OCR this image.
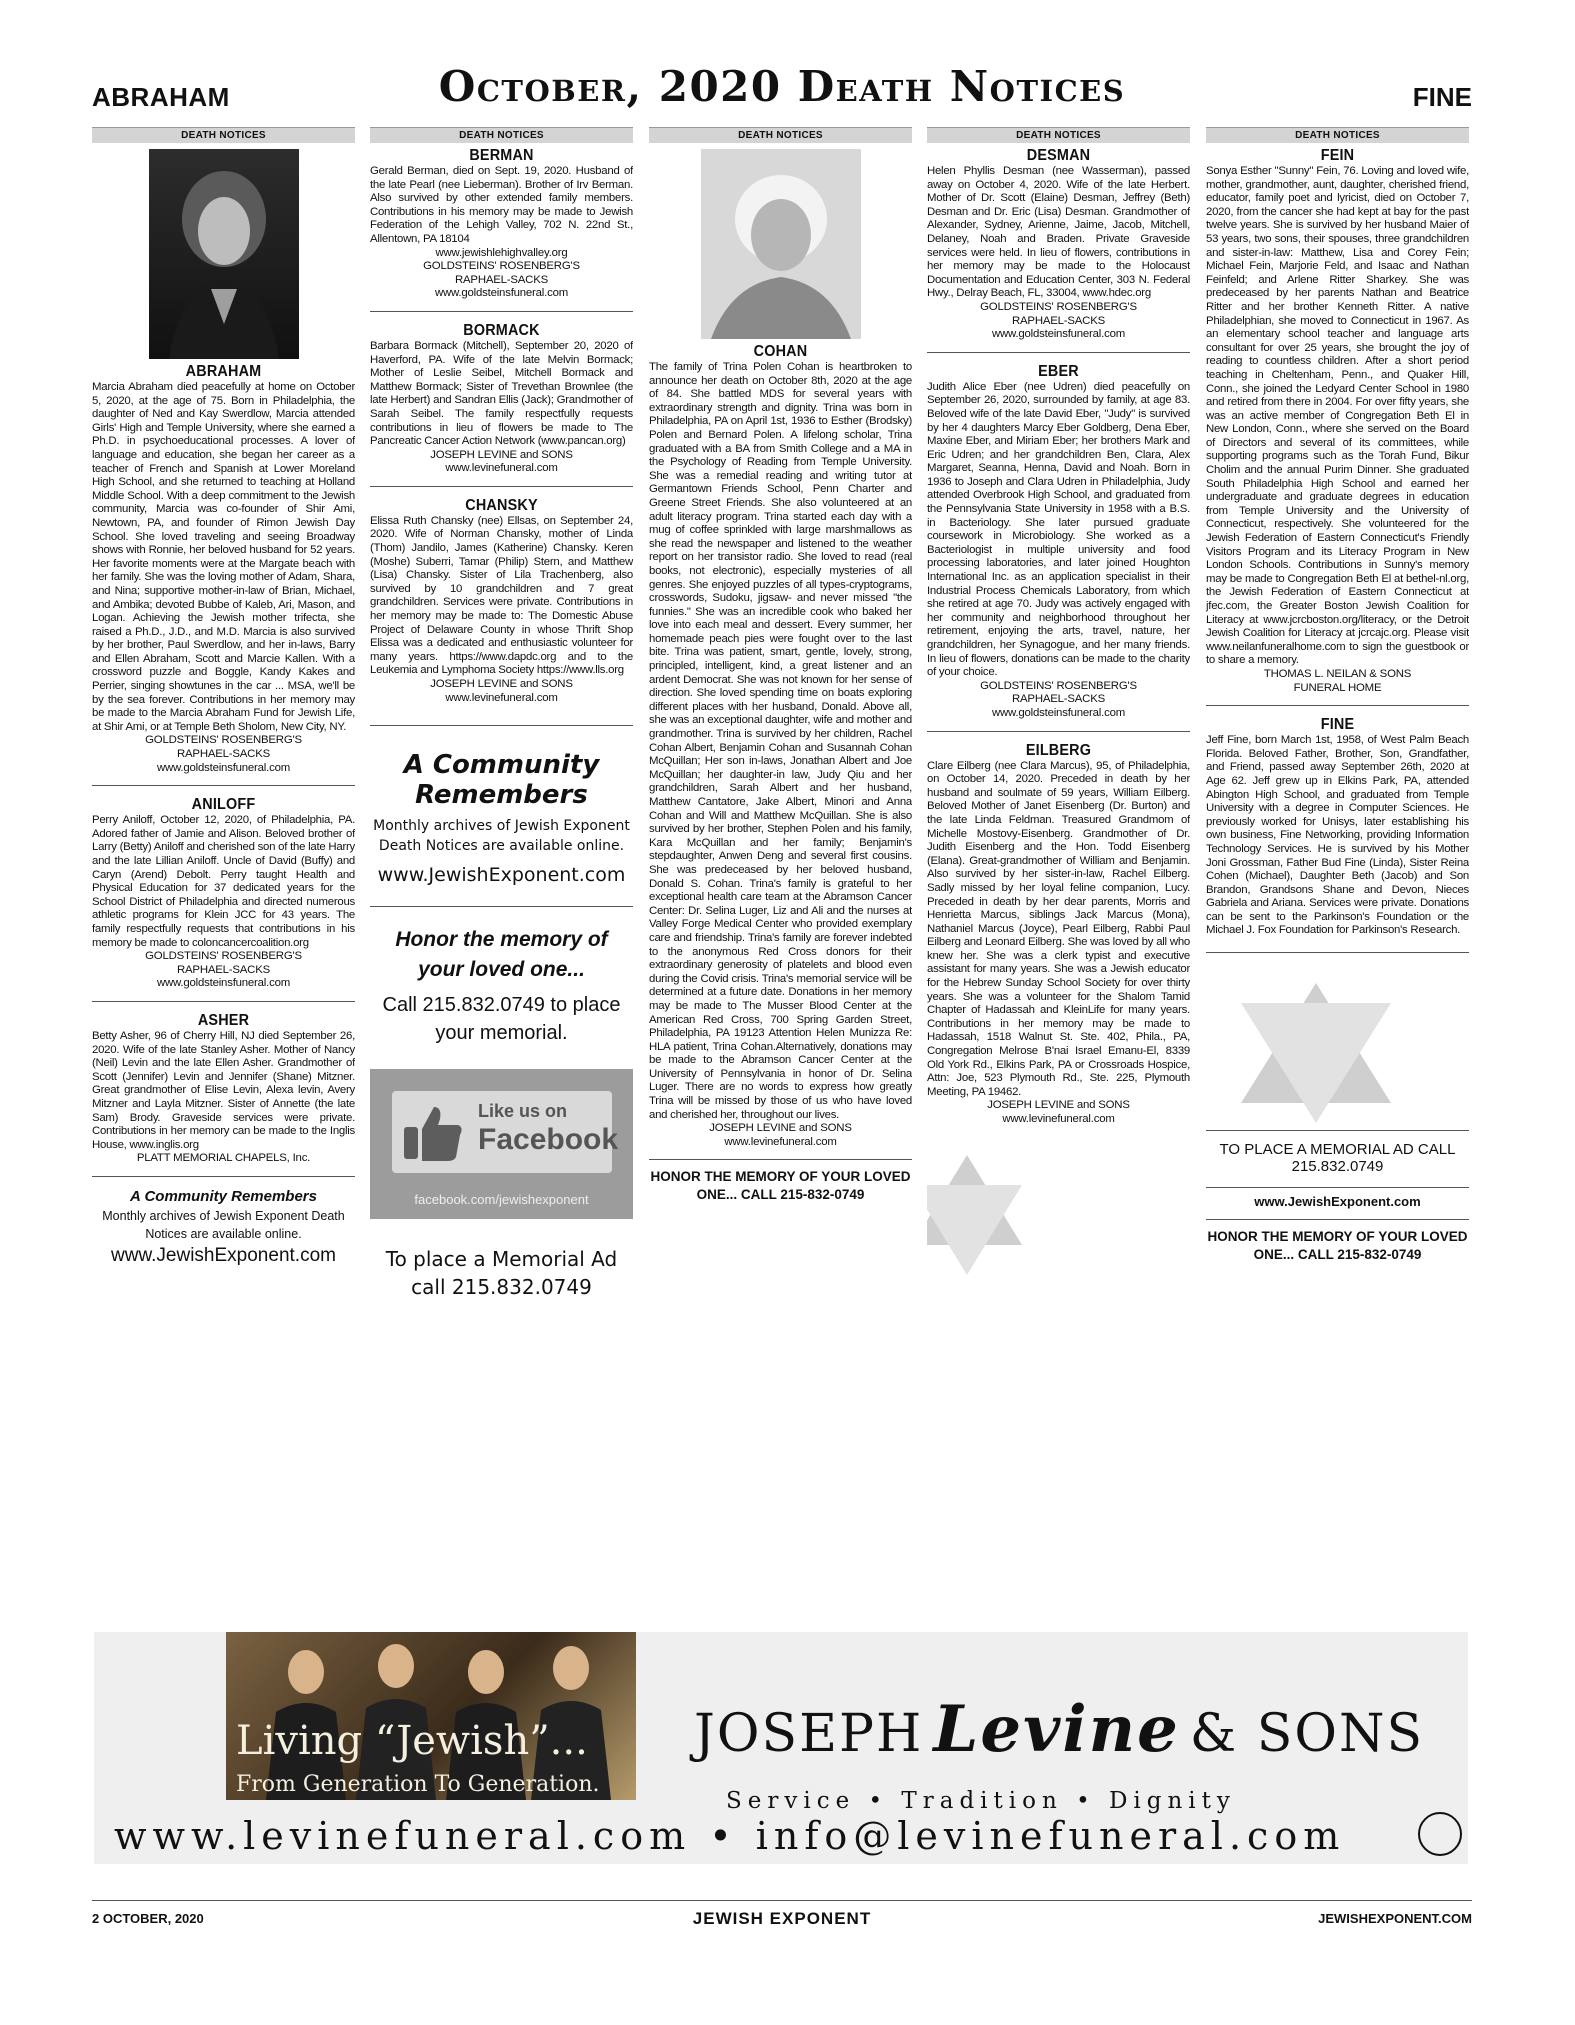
ABRAHAM	October, 2020 Death Notices	FINE
DEATH NOTICES
ABRAHAM
Marcia Abraham died peacefully at home on October 5, 2020, at the age of 75. Born in Philadelphia, the daughter of Ned and Kay Swerdlow, Marcia attended Girls' High and Temple University, where she earned a Ph.D. in psychoeducational processes. A lover of language and education, she began her career as a teacher of French and Spanish at Lower Moreland High School, and she returned to teaching at Holland Middle School. With a deep commitment to the Jewish community, Marcia was co-founder of Shir Ami, Newtown, PA, and founder of Rimon Jewish Day School. She loved traveling and seeing Broadway shows with Ronnie, her beloved husband for 52 years. Her favorite moments were at the Margate beach with her family. She was the loving mother of Adam, Shara, and Nina; supportive mother-in-law of Brian, Michael, and Ambika; devoted Bubbe of Kaleb, Ari, Mason, and Logan. Achieving the Jewish mother trifecta, she raised a Ph.D., J.D., and M.D. Marcia is also survived by her brother, Paul Swerdlow, and her in-laws, Barry and Ellen Abraham, Scott and Marcie Kallen. With a crossword puzzle and Boggle, Kandy Kakes and Perrier, singing showtunes in the car ... MSA, we'll be by the sea forever. Contributions in her memory may be made to the Marcia Abraham Fund for Jewish Life, at Shir Ami, or at Temple Beth Sholom, New City, NY.
GOLDSTEINS' ROSENBERG'S
RAPHAEL-SACKS
www.goldsteinsfuneral.com
ANILOFF
Perry Aniloff, October 12, 2020, of Philadelphia, PA. Adored father of Jamie and Alison. Beloved brother of Larry (Betty) Aniloff and cherished son of the late Harry and the late Lillian Aniloff. Uncle of David (Buffy) and Caryn (Arend) Debolt. Perry taught Health and Physical Education for 37 dedicated years for the School District of Philadelphia and directed numerous athletic programs for Klein JCC for 43 years. The family respectfully requests that contributions in his memory be made to coloncancercoalition.org
GOLDSTEINS' ROSENBERG'S
RAPHAEL-SACKS
www.goldsteinsfuneral.com
ASHER
Betty Asher, 96 of Cherry Hill, NJ died September 26, 2020. Wife of the late Stanley Asher. Mother of Nancy (Neil) Levin and the late Ellen Asher. Grandmother of Scott (Jennifer) Levin and Jennifer (Shane) Mitzner. Great grandmother of Elise Levin, Alexa levin, Avery Mitzner and Layla Mitzner. Sister of Annette (the late Sam) Brody. Graveside services were private. Contributions in her memory can be made to the Inglis House, www.inglis.org
PLATT MEMORIAL CHAPELS, Inc.
A Community Remembers
Monthly archives of Jewish Exponent Death Notices are available online.
www.JewishExponent.com
DEATH NOTICES
BERMAN
Gerald Berman, died on Sept. 19, 2020. Husband of the late Pearl (nee Lieberman). Brother of Irv Berman. Also survived by other extended family members. Contributions in his memory may be made to Jewish Federation of the Lehigh Valley, 702 N. 22nd St., Allentown, PA 18104
www.jewishlehighvalley.org
GOLDSTEINS' ROSENBERG'S
RAPHAEL-SACKS
www.goldsteinsfuneral.com
BORMACK
Barbara Bormack (Mitchell), September 20, 2020 of Haverford, PA. Wife of the late Melvin Bormack; Mother of Leslie Seibel, Mitchell Bormack and Matthew Bormack; Sister of Trevethan Brownlee (the late Herbert) and Sandran Ellis (Jack); Grandmother of Sarah Seibel. The family respectfully requests contributions in lieu of flowers be made to The Pancreatic Cancer Action Network (www.pancan.org)
JOSEPH LEVINE and SONS
www.levinefuneral.com
CHANSKY
Elissa Ruth Chansky (nee) Ellsas, on September 24, 2020. Wife of Norman Chansky, mother of Linda (Thom) Jandilo, James (Katherine) Chansky. Keren (Moshe) Suberri, Tamar (Philip) Stern, and Matthew (Lisa) Chansky. Sister of Lila Trachenberg, also survived by 10 grandchildren and 7 great grandchildren. Services were private. Contributions in her memory may be made to: The Domestic Abuse Project of Delaware County in whose Thrift Shop Elissa was a dedicated and enthusiastic volunteer for many years. https://www.dapdc.org and to the Leukemia and Lymphoma Society https://www.lls.org
JOSEPH LEVINE and SONS
www.levinefuneral.com
A Community Remembers
Monthly archives of Jewish Exponent Death Notices are available online.
www.JewishExponent.com
Honor the memory of your loved one...
Call 215.832.0749 to place your memorial.
Like us on
Facebook
facebook.com/jewishexponent
To place a Memorial Ad call 215.832.0749
DEATH NOTICES
COHAN
The family of Trina Polen Cohan is heartbroken to announce her death on October 8th, 2020 at the age of 84. She battled MDS for several years with extraordinary strength and dignity. Trina was born in Philadelphia, PA on April 1st, 1936 to Esther (Brodsky) Polen and Bernard Polen. A lifelong scholar, Trina graduated with a BA from Smith College and a MA in the Psychology of Reading from Temple University. She was a remedial reading and writing tutor at Germantown Friends School, Penn Charter and Greene Street Friends. She also volunteered at an adult literacy program. Trina started each day with a mug of coffee sprinkled with large marshmallows as she read the newspaper and listened to the weather report on her transistor radio. She loved to read (real books, not electronic), especially mysteries of all genres. She enjoyed puzzles of all types-cryptograms, crosswords, Sudoku, jigsaw- and never missed "the funnies." She was an incredible cook who baked her love into each meal and dessert. Every summer, her homemade peach pies were fought over to the last bite. Trina was patient, smart, gentle, lovely, strong, principled, intelligent, kind, a great listener and an ardent Democrat. She was not known for her sense of direction. She loved spending time on boats exploring different places with her husband, Donald. Above all, she was an exceptional daughter, wife and mother and grandmother. Trina is survived by her children, Rachel Cohan Albert, Benjamin Cohan and Susannah Cohan McQuillan; Her son in-laws, Jonathan Albert and Joe McQuillan; her daughter-in law, Judy Qiu and her grandchildren, Sarah Albert and her husband, Matthew Cantatore, Jake Albert, Minori and Anna Cohan and Will and Matthew McQuillan. She is also survived by her brother, Stephen Polen and his family, Kara McQuillan and her family; Benjamin's stepdaughter, Anwen Deng and several first cousins. She was predeceased by her beloved husband, Donald S. Cohan. Trina's family is grateful to her exceptional health care team at the Abramson Cancer Center: Dr. Selina Luger, Liz and Ali and the nurses at Valley Forge Medical Center who provided exemplary care and friendship. Trina's family are forever indebted to the anonymous Red Cross donors for their extraordinary generosity of platelets and blood even during the Covid crisis. Trina's memorial service will be determined at a future date. Donations in her memory may be made to The Musser Blood Center at the American Red Cross, 700 Spring Garden Street, Philadelphia, PA 19123 Attention Helen Munizza Re: HLA patient, Trina Cohan.Alternatively, donations may be made to the Abramson Cancer Center at the University of Pennsylvania in honor of Dr. Selina Luger. There are no words to express how greatly Trina will be missed by those of us who have loved and cherished her, throughout our lives.
JOSEPH LEVINE and SONS
www.levinefuneral.com
HONOR THE MEMORY OF YOUR LOVED ONE... CALL 215-832-0749
DEATH NOTICES
DESMAN
Helen Phyllis Desman (nee Wasserman), passed away on October 4, 2020. Wife of the late Herbert. Mother of Dr. Scott (Elaine) Desman, Jeffrey (Beth) Desman and Dr. Eric (Lisa) Desman. Grandmother of Alexander, Sydney, Arienne, Jaime, Jacob, Mitchell, Delaney, Noah and Braden. Private Graveside services were held. In lieu of flowers, contributions in her memory may be made to the Holocaust Documentation and Education Center, 303 N. Federal Hwy., Delray Beach, FL, 33004, www.hdec.org
GOLDSTEINS' ROSENBERG'S
RAPHAEL-SACKS
www.goldsteinsfuneral.com
EBER
Judith Alice Eber (nee Udren) died peacefully on September 26, 2020, surrounded by family, at age 83. Beloved wife of the late David Eber, "Judy" is survived by her 4 daughters Marcy Eber Goldberg, Dena Eber, Maxine Eber, and Miriam Eber; her brothers Mark and Eric Udren; and her grandchildren Ben, Clara, Alex Margaret, Seanna, Henna, David and Noah. Born in 1936 to Joseph and Clara Udren in Philadelphia, Judy attended Overbrook High School, and graduated from the Pennsylvania State University in 1958 with a B.S. in Bacteriology. She later pursued graduate coursework in Microbiology. She worked as a Bacteriologist in multiple university and food processing laboratories, and later joined Houghton International Inc. as an application specialist in their Industrial Process Chemicals Laboratory, from which she retired at age 70. Judy was actively engaged with her community and neighborhood throughout her retirement, enjoying the arts, travel, nature, her grandchildren, her Synagogue, and her many friends. In lieu of flowers, donations can be made to the charity of your choice.
GOLDSTEINS' ROSENBERG'S
RAPHAEL-SACKS
www.goldsteinsfuneral.com
EILBERG
Clare Eilberg (nee Clara Marcus), 95, of Philadelphia, on October 14, 2020. Preceded in death by her husband and soulmate of 59 years, William Eilberg. Beloved Mother of Janet Eisenberg (Dr. Burton) and the late Linda Feldman. Treasured Grandmom of Michelle Mostovy-Eisenberg. Grandmother of Dr. Judith Eisenberg and the Hon. Todd Eisenberg (Elana). Great-grandmother of William and Benjamin. Also survived by her sister-in-law, Rachel Eilberg. Sadly missed by her loyal feline companion, Lucy. Preceded in death by her dear parents, Morris and Henrietta Marcus, siblings Jack Marcus (Mona), Nathaniel Marcus (Joyce), Pearl Eilberg, Rabbi Paul Eilberg and Leonard Eilberg. She was loved by all who knew her. She was a clerk typist and executive assistant for many years. She was a Jewish educator for the Hebrew Sunday School Society for over thirty years. She was a volunteer for the Shalom Tamid Chapter of Hadassah and KleinLife for many years. Contributions in her memory may be made to Hadassah, 1518 Walnut St. Ste. 402, Phila., PA, Congregation Melrose B'nai Israel Emanu-El, 8339 Old York Rd., Elkins Park, PA or Crossroads Hospice, Attn: Joe, 523 Plymouth Rd., Ste. 225, Plymouth Meeting, PA 19462.
JOSEPH LEVINE and SONS
www.levinefuneral.com
DEATH NOTICES
FEIN
Sonya Esther "Sunny" Fein, 76. Loving and loved wife, mother, grandmother, aunt, daughter, cherished friend, educator, family poet and lyricist, died on October 7, 2020, from the cancer she had kept at bay for the past twelve years. She is survived by her husband Maier of 53 years, two sons, their spouses, three grandchildren and sister-in-law: Matthew, Lisa and Corey Fein; Michael Fein, Marjorie Feld, and Isaac and Nathan Feinfeld; and Arlene Ritter Sharkey. She was predeceased by her parents Nathan and Beatrice Ritter and her brother Kenneth Ritter. A native Philadelphian, she moved to Connecticut in 1967. As an elementary school teacher and language arts consultant for over 25 years, she brought the joy of reading to countless children. After a short period teaching in Cheltenham, Penn., and Quaker Hill, Conn., she joined the Ledyard Center School in 1980 and retired from there in 2004. For over fifty years, she was an active member of Congregation Beth El in New London, Conn., where she served on the Board of Directors and several of its committees, while supporting programs such as the Torah Fund, Bikur Cholim and the annual Purim Dinner. She graduated South Philadelphia High School and earned her undergraduate and graduate degrees in education from Temple University and the University of Connecticut, respectively. She volunteered for the Jewish Federation of Eastern Connecticut's Friendly Visitors Program and its Literacy Program in New London Schools. Contributions in Sunny's memory may be made to Congregation Beth El at bethel-nl.org, the Jewish Federation of Eastern Connecticut at jfec.com, the Greater Boston Jewish Coalition for Literacy at www.jcrcboston.org/literacy, or the Detroit Jewish Coalition for Literacy at jcrcajc.org. Please visit www.neilanfuneralhome.com to sign the guestbook or to share a memory.
THOMAS L. NEILAN & SONS
FUNERAL HOME
FINE
Jeff Fine, born March 1st, 1958, of West Palm Beach Florida. Beloved Father, Brother, Son, Grandfather, and Friend, passed away September 26th, 2020 at Age 62. Jeff grew up in Elkins Park, PA, attended Abington High School, and graduated from Temple University with a degree in Computer Sciences. He previously worked for Unisys, later establishing his own business, Fine Networking, providing Information Technology Services. He is survived by his Mother Joni Grossman, Father Bud Fine (Linda), Sister Reina Cohen (Michael), Daughter Beth (Jacob) and Son Brandon, Grandsons Shane and Devon, Nieces Gabriela and Ariana. Services were private. Donations can be sent to the Parkinson's Foundation or the Michael J. Fox Foundation for Parkinson's Research.
TO PLACE A MEMORIAL AD CALL 215.832.0749
www.JewishExponent.com
HONOR THE MEMORY OF YOUR LOVED ONE... CALL 215-832-0749
Living “Jewish”...
From Generation To Generation.
JOSEPH Levine & SONS
Service • Tradition • Dignity
www.levinefuneral.com • info@levinefuneral.com
2 OCTOBER, 2020	JEWISH EXPONENT	JEWISHEXPONENT.COM
